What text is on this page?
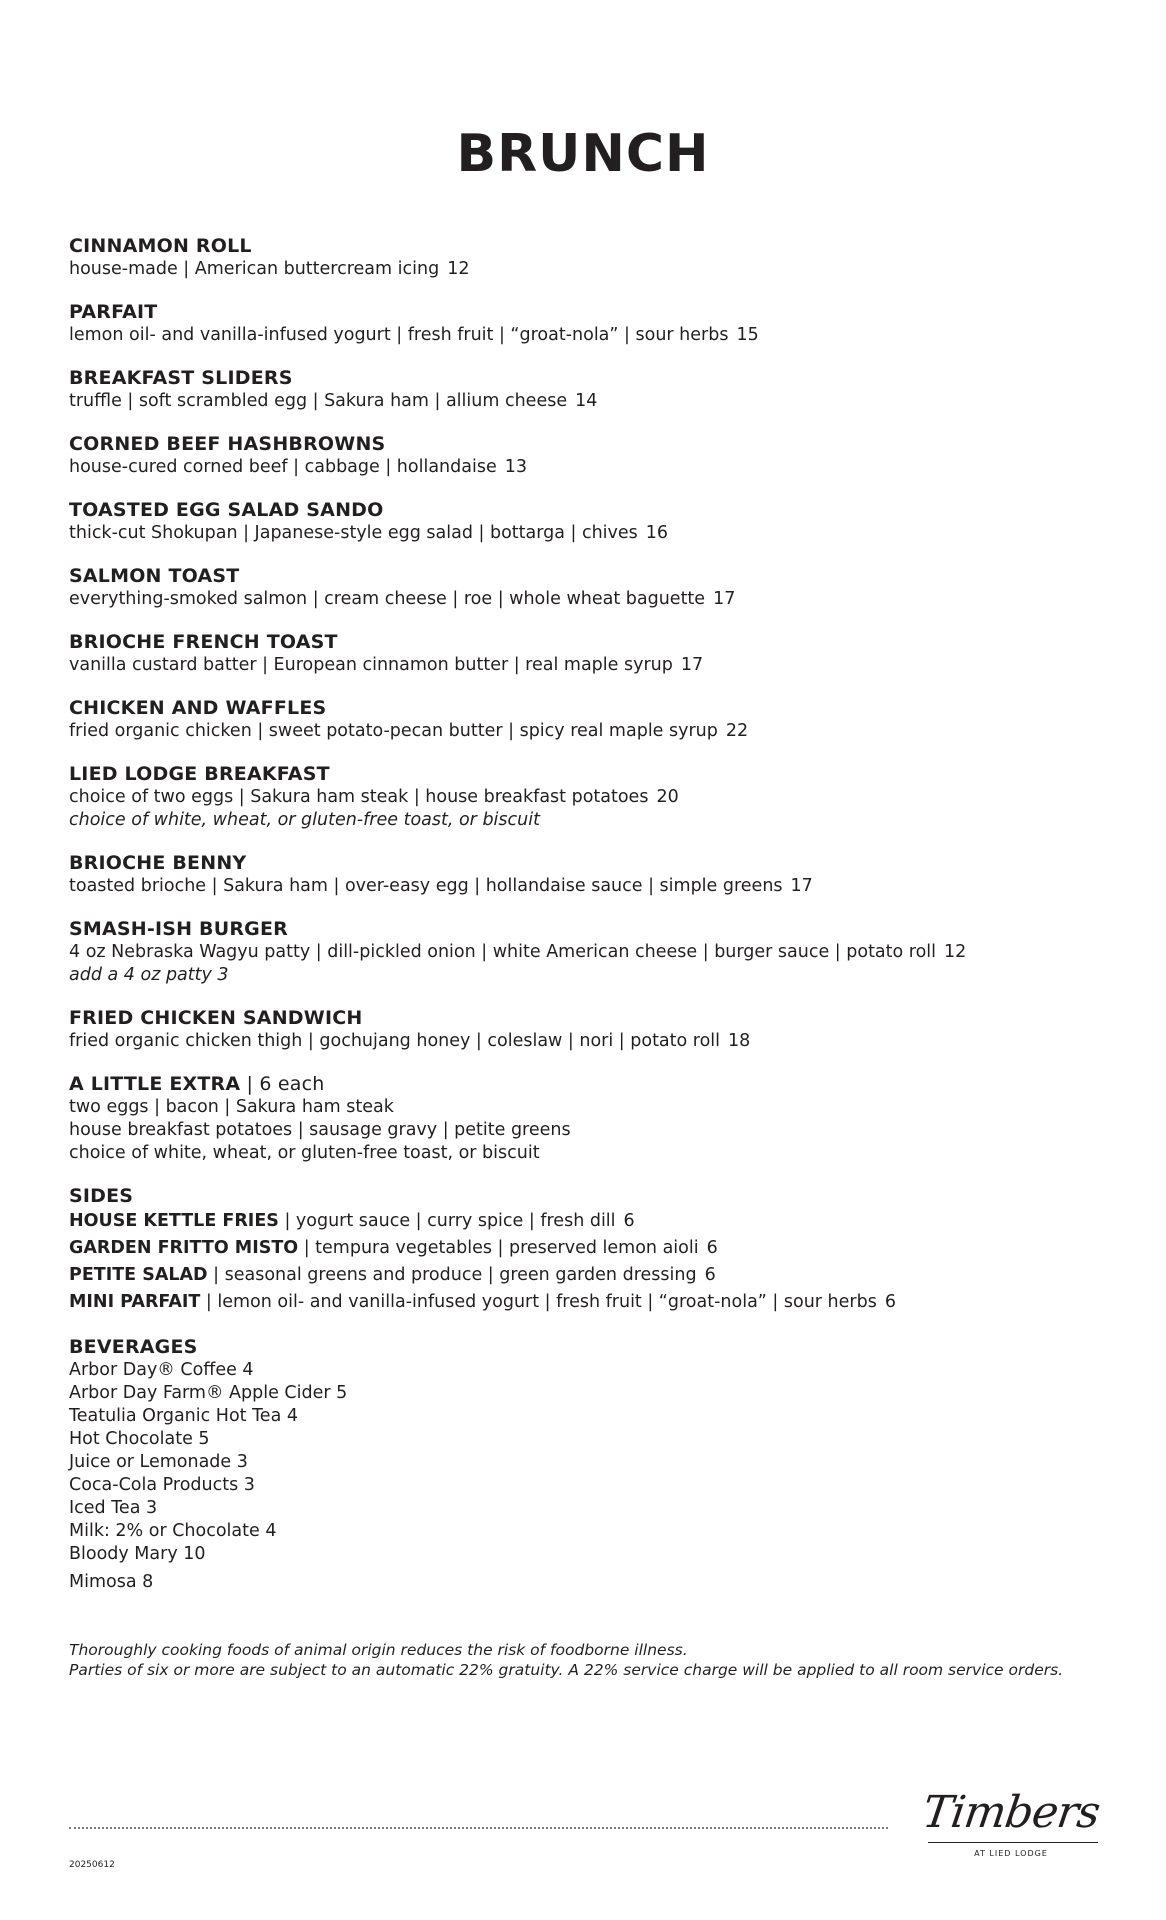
BRUNCH
CINNAMON ROLL
house-made | American buttercream icing 12
PARFAIT
lemon oil- and vanilla-infused yogurt | fresh fruit | “groat-nola” | sour herbs 15
BREAKFAST SLIDERS
truffle | soft scrambled egg | Sakura ham | allium cheese 14
CORNED BEEF HASHBROWNS
house-cured corned beef | cabbage | hollandaise 13
TOASTED EGG SALAD SANDO
thick-cut Shokupan | Japanese-style egg salad | bottarga | chives 16
SALMON TOAST
everything-smoked salmon | cream cheese | roe | whole wheat baguette 17
BRIOCHE FRENCH TOAST
vanilla custard batter | European cinnamon butter | real maple syrup 17
CHICKEN AND WAFFLES
fried organic chicken | sweet potato-pecan butter | spicy real maple syrup 22
LIED LODGE BREAKFAST
choice of two eggs | Sakura ham steak | house breakfast potatoes 20
choice of white, wheat, or gluten-free toast, or biscuit
BRIOCHE BENNY
toasted brioche | Sakura ham | over-easy egg | hollandaise sauce | simple greens 17
SMASH-ISH BURGER
4 oz Nebraska Wagyu patty | dill-pickled onion | white American cheese | burger sauce | potato roll 12
add a 4 oz patty 3
FRIED CHICKEN SANDWICH
fried organic chicken thigh | gochujang honey | coleslaw | nori | potato roll 18
A LITTLE EXTRA | 6 each
two eggs | bacon | Sakura ham steak
house breakfast potatoes | sausage gravy | petite greens
choice of white, wheat, or gluten-free toast, or biscuit
SIDES
HOUSE KETTLE FRIES | yogurt sauce | curry spice | fresh dill 6
GARDEN FRITTO MISTO | tempura vegetables | preserved lemon aioli 6
PETITE SALAD | seasonal greens and produce | green garden dressing 6
MINI PARFAIT | lemon oil- and vanilla-infused yogurt | fresh fruit | “groat-nola” | sour herbs 6
BEVERAGES
Arbor Day® Coffee 4
Arbor Day Farm® Apple Cider 5
Teatulia Organic Hot Tea 4
Hot Chocolate 5
Juice or Lemonade 3
Coca-Cola Products 3
Iced Tea 3
Milk: 2% or Chocolate 4
Bloody Mary 10
Mimosa 8
Thoroughly cooking foods of animal origin reduces the risk of foodborne illness.
Parties of six or more are subject to an automatic 22% gratuity. A 22% service charge will be applied to all room service orders.
20250612
Timbers
AT LIED LODGE
